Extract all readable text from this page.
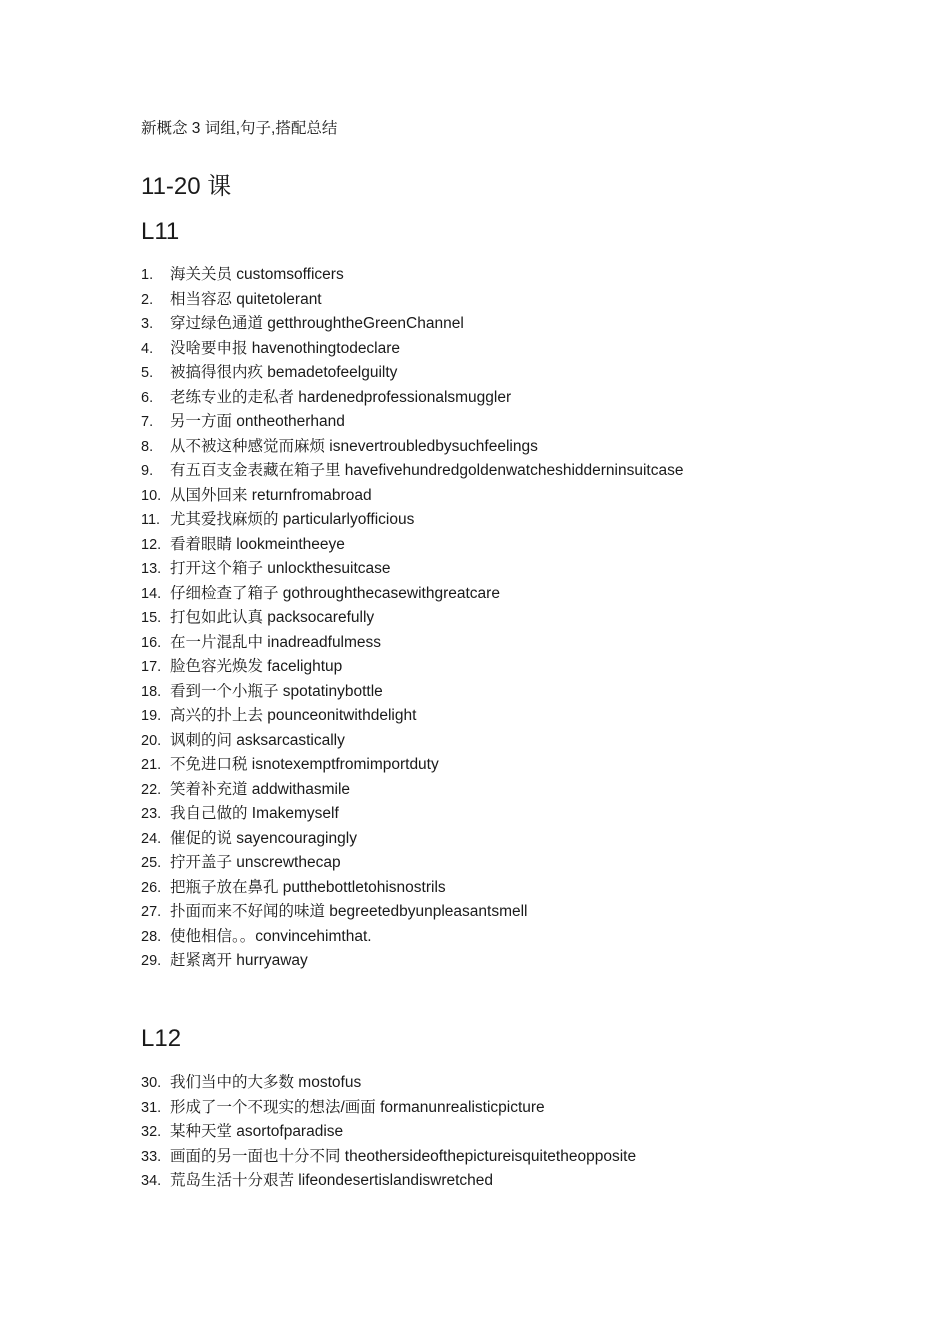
新概念 3 词组,句子,搭配总结
11-20 课
L11
1.	海关关员 customsofficers
2.	相当容忍 quitetolerant
3.	穿过绿色通道 getthroughtheGreenChannel
4.	没啥要申报 havenothingtodeclare
5.	被搞得很内疚 bemadetofeelguilty
6.	老练专业的走私者 hardenedprofessionalsmuggler
7.	另一方面 ontheotherhand
8.	从不被这种感觉而麻烦 isnevertroubledbysuchfeelings
9.	有五百支金表藏在箱子里 havefivehundredgoldenwatcheshidderninsuitcase
10. 从国外回来 returnfromabroad
11. 尤其爱找麻烦的 particularlyofficious
12. 看着眼睛 lookmeintheeye
13. 打开这个箱子 unlockthesuitcase
14. 仔细检查了箱子 gothroughthecasewithgreatcare
15. 打包如此认真 packsocarefully
16. 在一片混乱中 inadreadfulmess
17. 脸色容光焕发 facelightup
18. 看到一个小瓶子 spotatinybottle
19. 高兴的扑上去 pounceonitwithdelight
20. 讽刺的问 asksarcastically
21. 不免进口税 isnotexemptfromimportduty
22. 笑着补充道 addwithasmile
23. 我自己做的 Imakemyself
24. 催促的说 sayencouragingly
25. 拧开盖子 unscrewthecap
26. 把瓶子放在鼻孔 putthebottletohisnostrils
27. 扑面而来不好闻的味道 begreetedbyunpleasantsmell
28. 使他相信。。convincehimthat.
29. 赶紧离开 hurryaway
L12
30. 我们当中的大多数 mostofus
31. 形成了一个不现实的想法/画面 formanunrealisticpicture
32. 某种天堂 asortofparadise
33. 画面的另一面也十分不同 theothersideofthepictureisquitetheopposite
34. 荒岛生活十分艰苦 lifeondesertislandiswretched
